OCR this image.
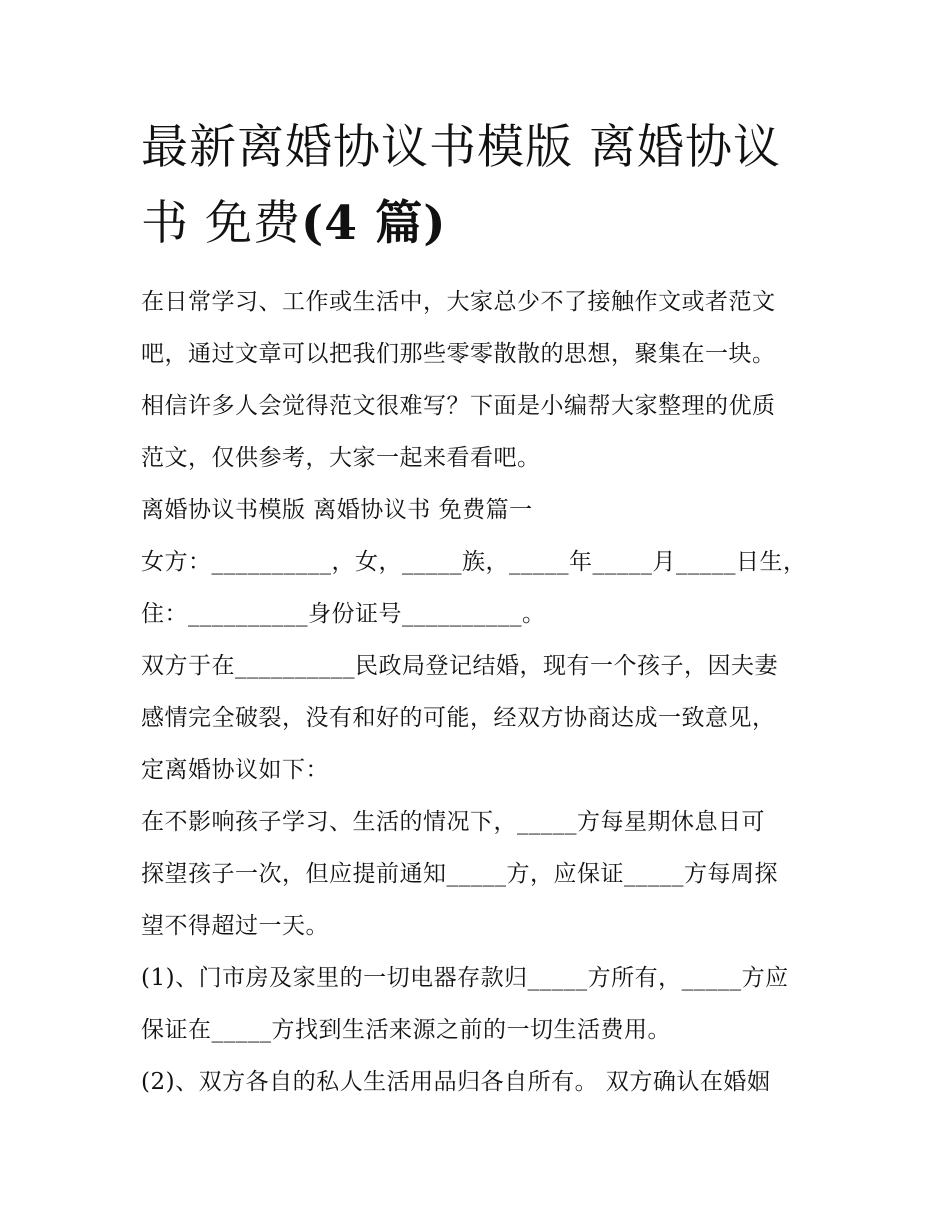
最新离婚协议书模版 离婚协议
书 免费(4 篇)

在日常学习、工作或生活中，大家总少不了接触作文或者范文

吧，通过文章可以把我们那些零零散散的思想，聚集在一块。

相信许多人会觉得范文很难写？下面是小编帮大家整理的优质

范文，仅供参考，大家一起来看看吧。

离婚协议书模版 离婚协议书 免费篇一

女方：__________，女，_____族，_____年_____月_____日生，

住：__________身份证号__________。

双方于在__________民政局登记结婚，现有一个孩子，因夫妻

感情完全破裂，没有和好的可能，经双方协商达成一致意见，

定离婚协议如下：

在不影响孩子学习、生活的情况下，_____方每星期休息日可

探望孩子一次，但应提前通知_____方，应保证_____方每周探

望不得超过一天。

(1)、门市房及家里的一切电器存款归_____方所有，_____方应

保证在_____方找到生活来源之前的一切生活费用。

(2)、双方各自的私人生活用品归各自所有。 双方确认在婚姻
